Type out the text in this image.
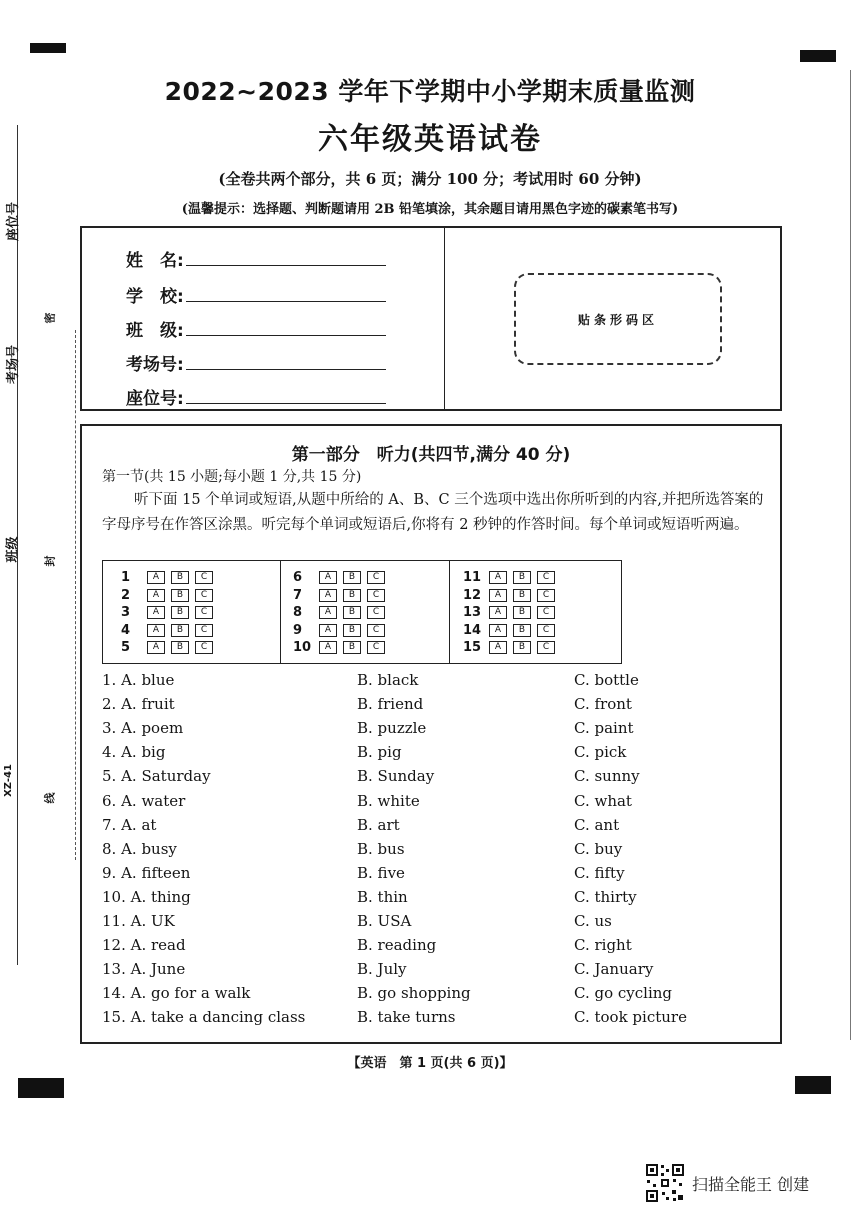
座位号
考场号
班级
XZ-41
密
封
线
2022~2023 学年下学期中小学期末质量监测
六年级英语试卷
(全卷共两个部分，共 6 页；满分 100 分；考试用时 60 分钟)
(温馨提示：选择题、判断题请用 2B 铅笔填涂，其余题目请用黑色字迹的碳素笔书写)
姓　名:
学　校:
班　级:
考场号:
座位号:
贴条形码区
第一部分　听力(共四节,满分 40 分)
第一节(共 15 小题;每小题 1 分,共 15 分)
听下面 15 个单词或短语,从题中所给的 A、B、C 三个选项中选出你所听到的内容,并把所选答案的字母序号在作答区涂黑。听完每个单词或短语后,你将有 2 秒钟的作答时间。每个单词或短语听两遍。
1	A B C
2	A B C
3	A B C
4	A B C
5	A B C
6	A B C
7	A B C
8	A B C
9	A B C
10 A B C
11 A B C
12 A B C
13 A B C
14 A B C
15 A B C
1. A. blue	B. black	C. bottle
2. A. fruit	B. friend	C. front
3. A. poem	B. puzzle	C. paint
4. A. big	B. pig	C. pick
5. A. Saturday	B. Sunday	C. sunny
6. A. water	B. white	C. what
7. A. at	B. art	C. ant
8. A. busy	B. bus	C. buy
9. A. fifteen	B. five	C. fifty
10. A. thing	B. thin	C. thirty
11. A. UK	B. USA	C. us
12. A. read	B. reading	C. right
13. A. June	B. July	C. January
14. A. go for a walk	B. go shopping	C. go cycling
15. A. take a dancing class	B. take turns	C. took picture
【英语　第 1 页(共 6 页)】
扫描全能王 创建
